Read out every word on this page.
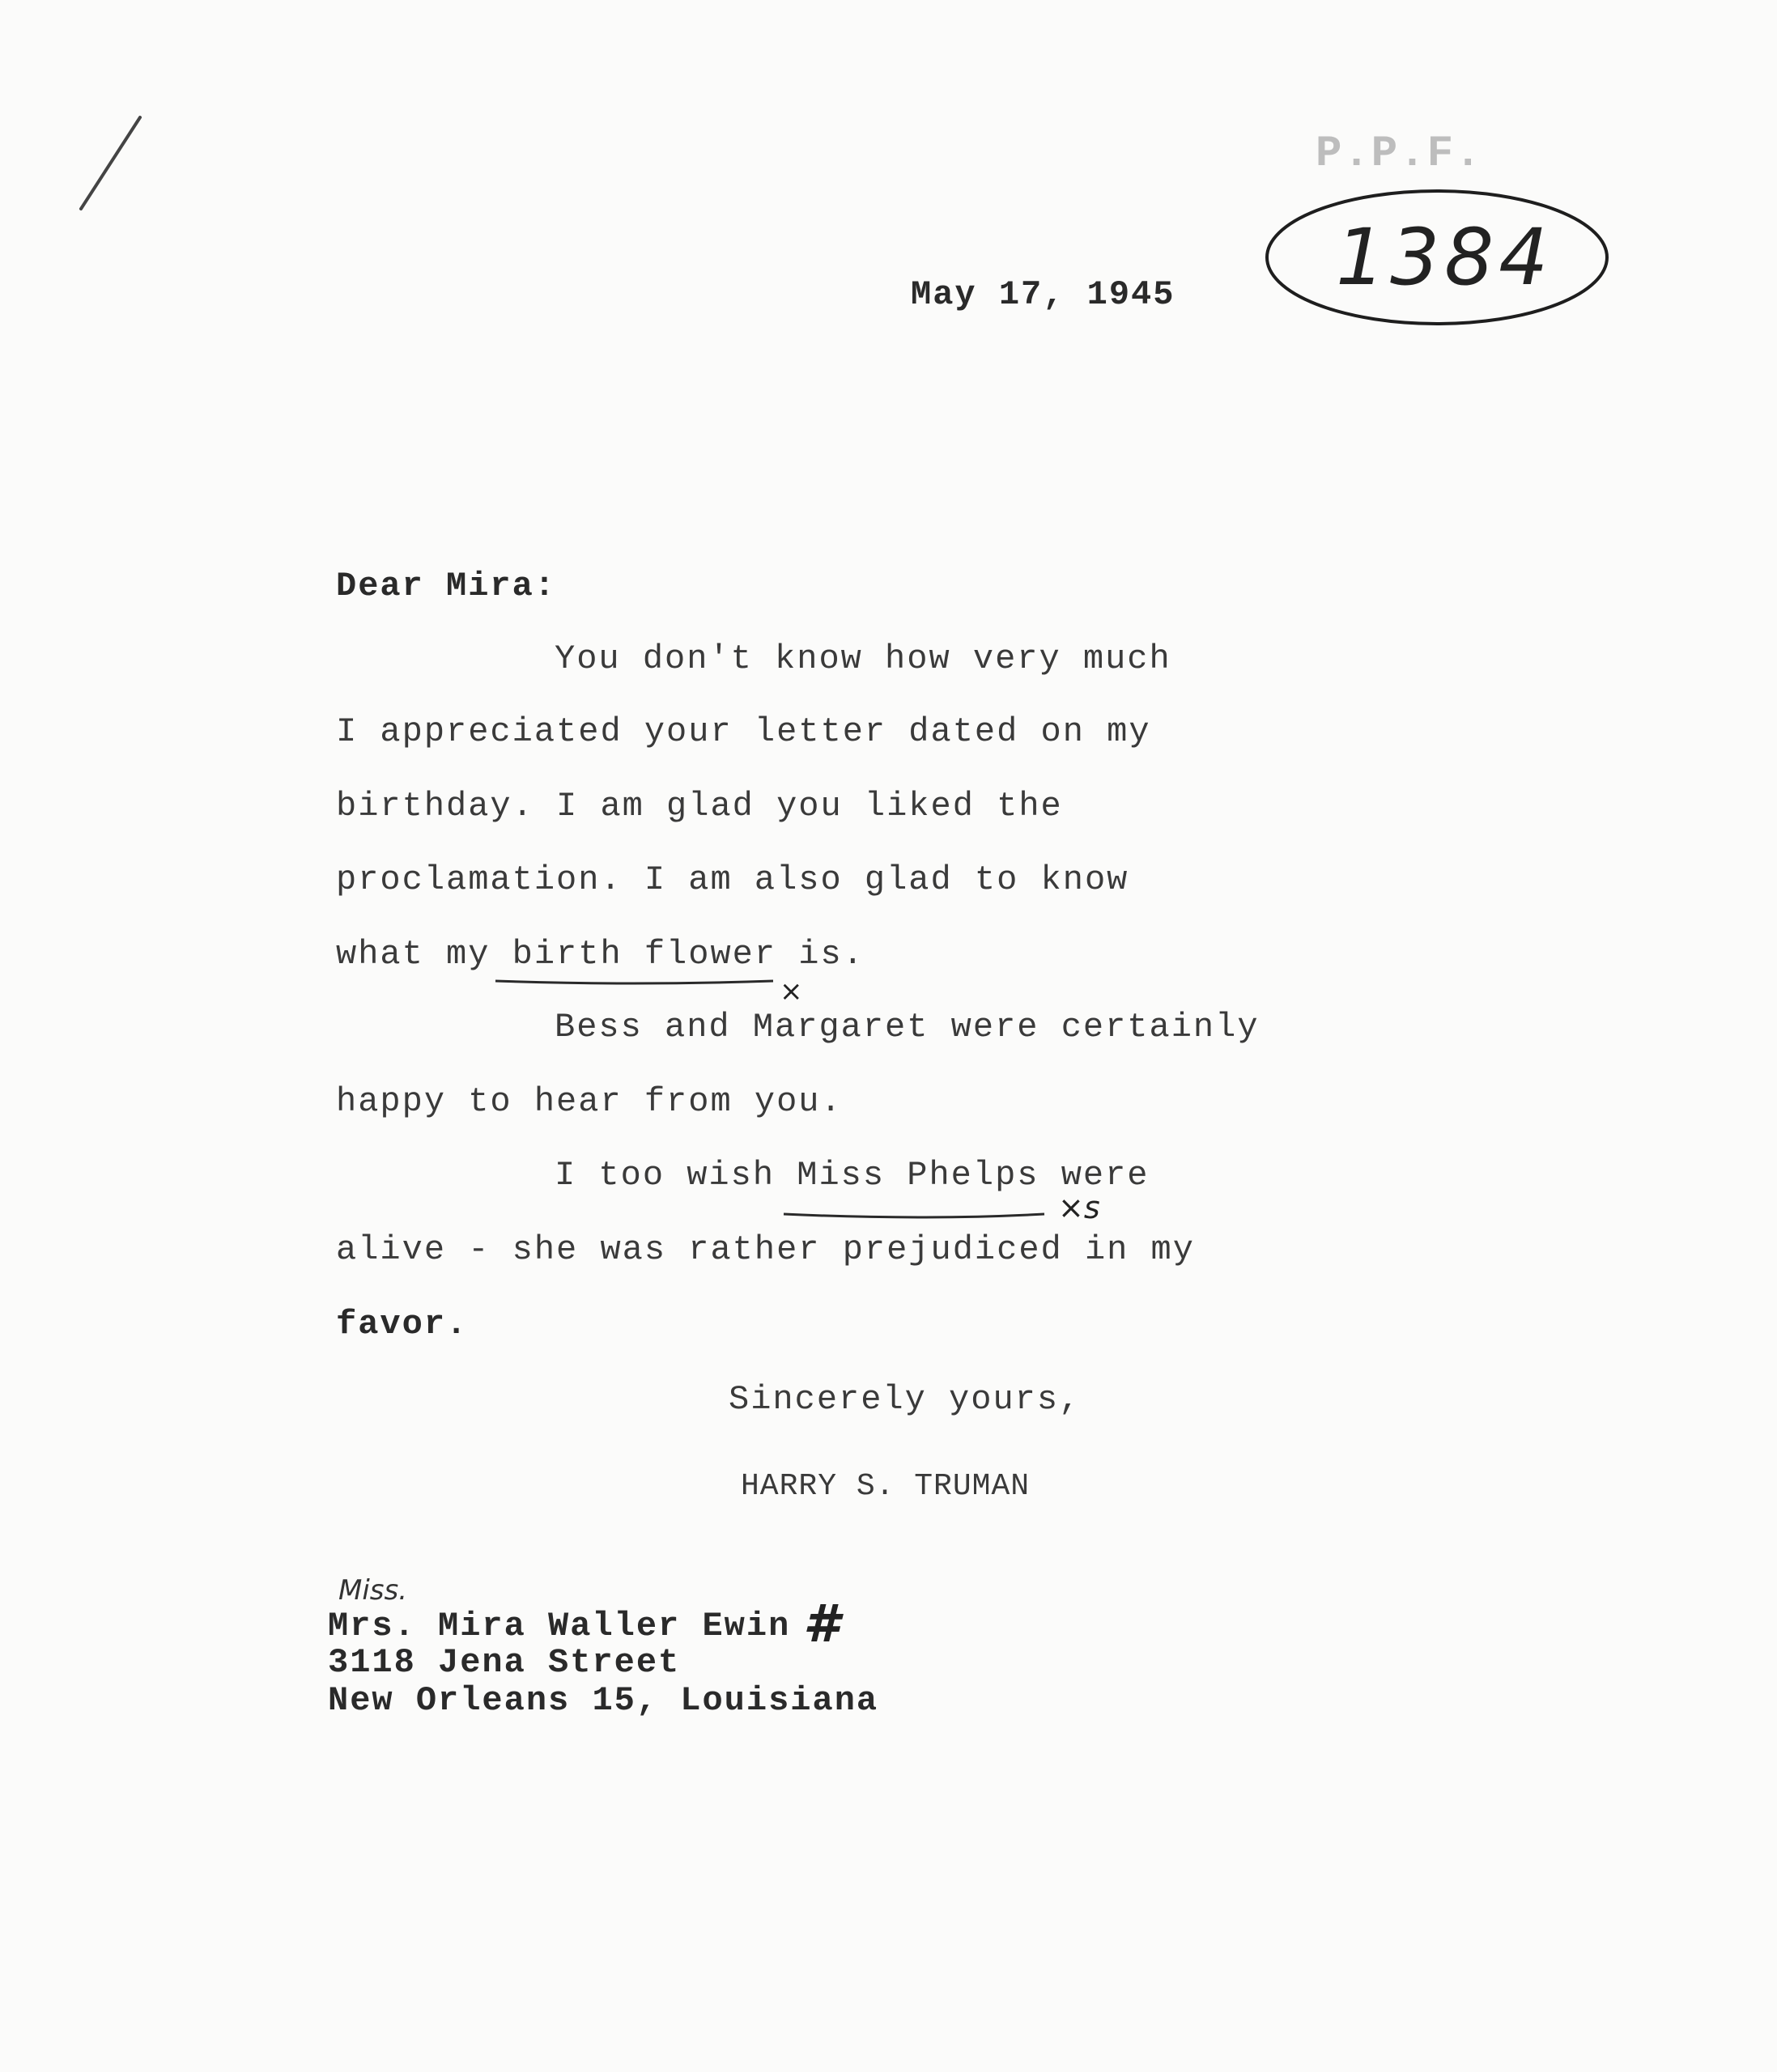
P.P.F.
1384
May 17, 1945
Dear Mira:
You don't know how very much
I appreciated your letter dated on my
birthday. I am glad you liked the
proclamation. I am also glad to know
what my birth flower is.
Bess and Margaret were certainly
happy to hear from you.
I too wish Miss Phelps were
alive - she was rather prejudiced in my
favor.
Sincerely yours,
HARRY S. TRUMAN
Miss.
Mrs. Mira Waller Ewin
3118 Jena Street
New Orleans 15, Louisiana
#
×
×s
